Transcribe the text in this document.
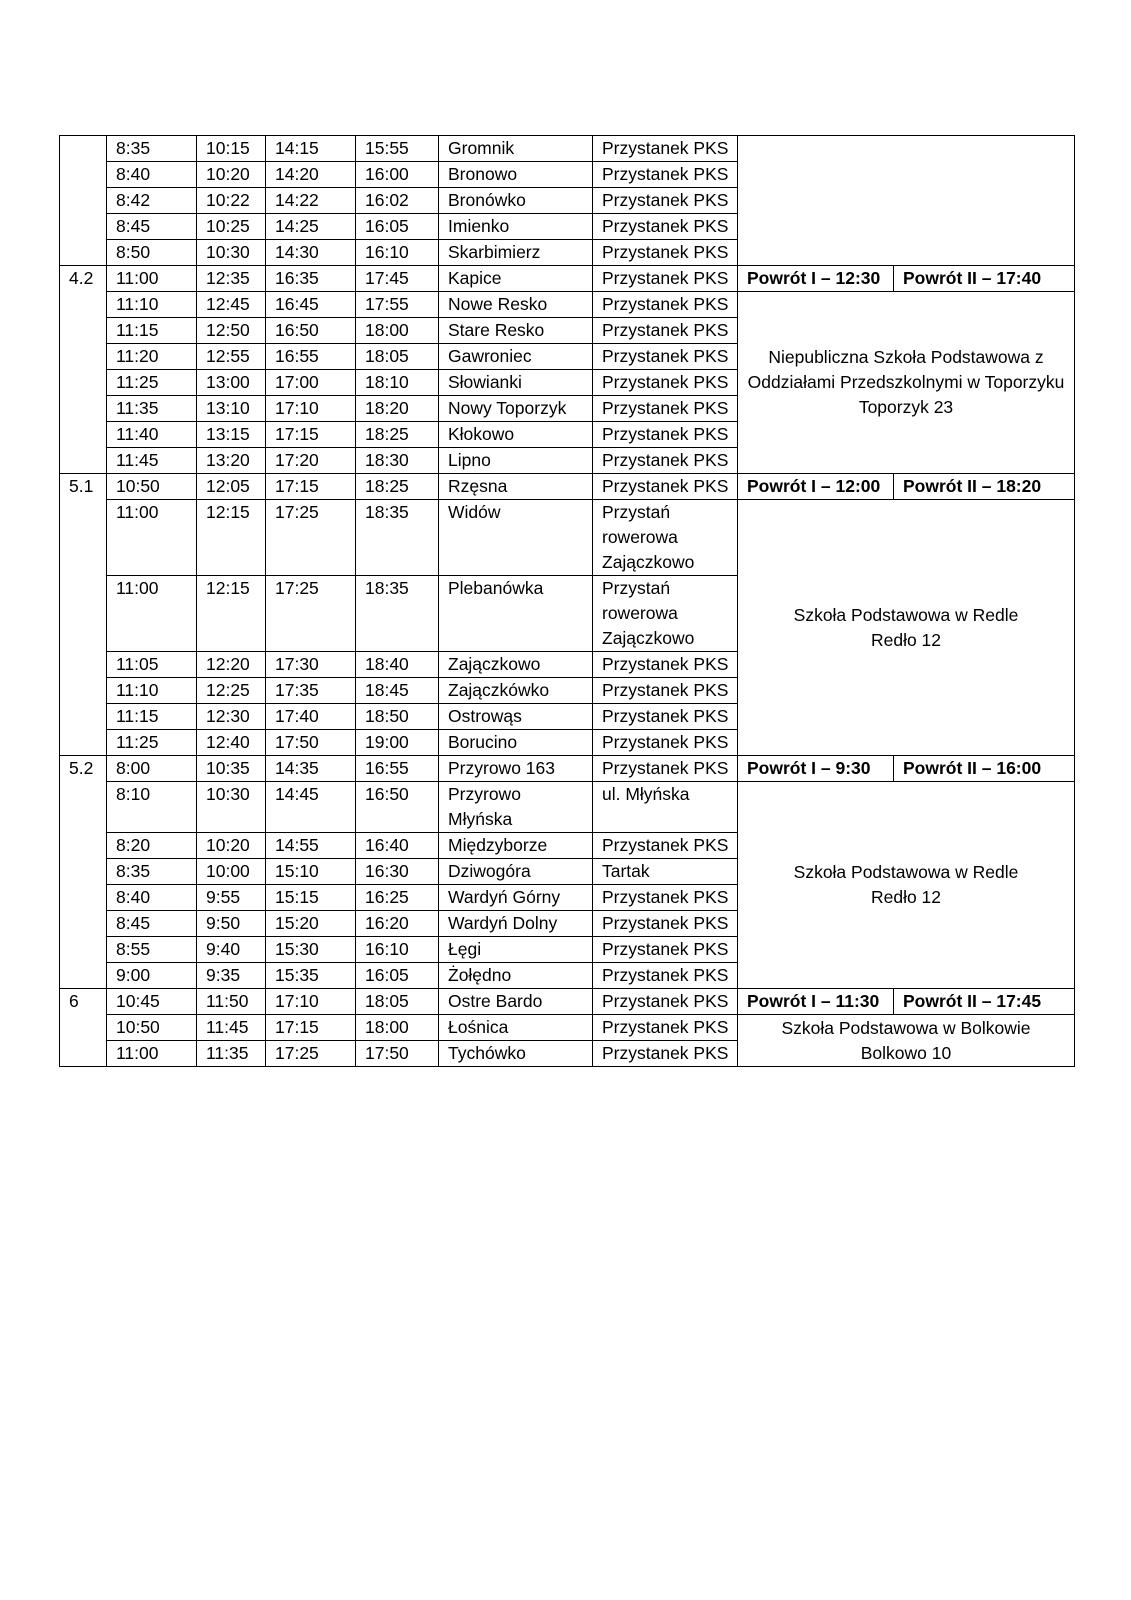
	8:35	10:15	14:15	15:55	Gromnik	Przystanek PKS		
	8:40	10:20	14:20	16:00	Bronowo	Przystanek PKS		
	8:42	10:22	14:22	16:02	Bronówko	Przystanek PKS		
	8:45	10:25	14:25	16:05	Imienko	Przystanek PKS		
	8:50	10:30	14:30	16:10	Skarbimierz	Przystanek PKS		
4.2	11:00	12:35	16:35	17:45	Kapice	Przystanek PKS	Powrót I – 12:30	Powrót II – 17:40
	11:10	12:45	16:45	17:55	Nowe Resko	Przystanek PKS	Niepubliczna Szkoła Podstawowa z Oddziałami Przedszkolnymi w Toporzyku
Toporzyk 23	

	11:15	12:50	16:50	18:00	Stare Resko	Przystanek PKS		
	11:20	12:55	16:55	18:05	Gawroniec	Przystanek PKS		
	11:25	13:00	17:00	18:10	Słowianki	Przystanek PKS		
	11:35	13:10	17:10	18:20	Nowy Toporzyk	Przystanek PKS		
	11:40	13:15	17:15	18:25	Kłokowo	Przystanek PKS		
	11:45	13:20	17:20	18:30	Lipno	Przystanek PKS		
5.1	10:50	12:05	17:15	18:25	Rzęsna	Przystanek PKS	Powrót I – 12:00	Powrót II – 18:20
	11:00	12:15	17:25	18:35	Widów	Przystań rowerowa Zajączkowo	Szkoła Podstawowa w Redle
Redło 12	

	11:00	12:15	17:25	18:35	Plebanówka	Przystań rowerowa Zajączkowo		
	11:05	12:20	17:30	18:40	Zajączkowo	Przystanek PKS		
	11:10	12:25	17:35	18:45	Zajączkówko	Przystanek PKS		
	11:15	12:30	17:40	18:50	Ostrowąs	Przystanek PKS		
	11:25	12:40	17:50	19:00	Borucino	Przystanek PKS		
5.2	8:00	10:35	14:35	16:55	Przyrowo 163	Przystanek PKS	Powrót I – 9:30	Powrót II – 16:00
	8:10	10:30	14:45	16:50	Przyrowo Młyńska	ul. Młyńska	Szkoła Podstawowa w Redle
Redło 12	

	8:20	10:20	14:55	16:40	Międzyborze	Przystanek PKS		
	8:35	10:00	15:10	16:30	Dziwogóra	Tartak		
	8:40	9:55	15:15	16:25	Wardyń Górny	Przystanek PKS		
	8:45	9:50	15:20	16:20	Wardyń Dolny	Przystanek PKS		
	8:55	9:40	15:30	16:10	Łęgi	Przystanek PKS		
	9:00	9:35	15:35	16:05	Żołędno	Przystanek PKS		
6	10:45	11:50	17:10	18:05	Ostre Bardo	Przystanek PKS	Powrót I – 11:30	Powrót II – 17:45
	10:50	11:45	17:15	18:00	Łośnica	Przystanek PKS	Szkoła Podstawowa w Bolkowie
Bolkowo 10	

	11:00	11:35	17:25	17:50	Tychówko	Przystanek PKS		
